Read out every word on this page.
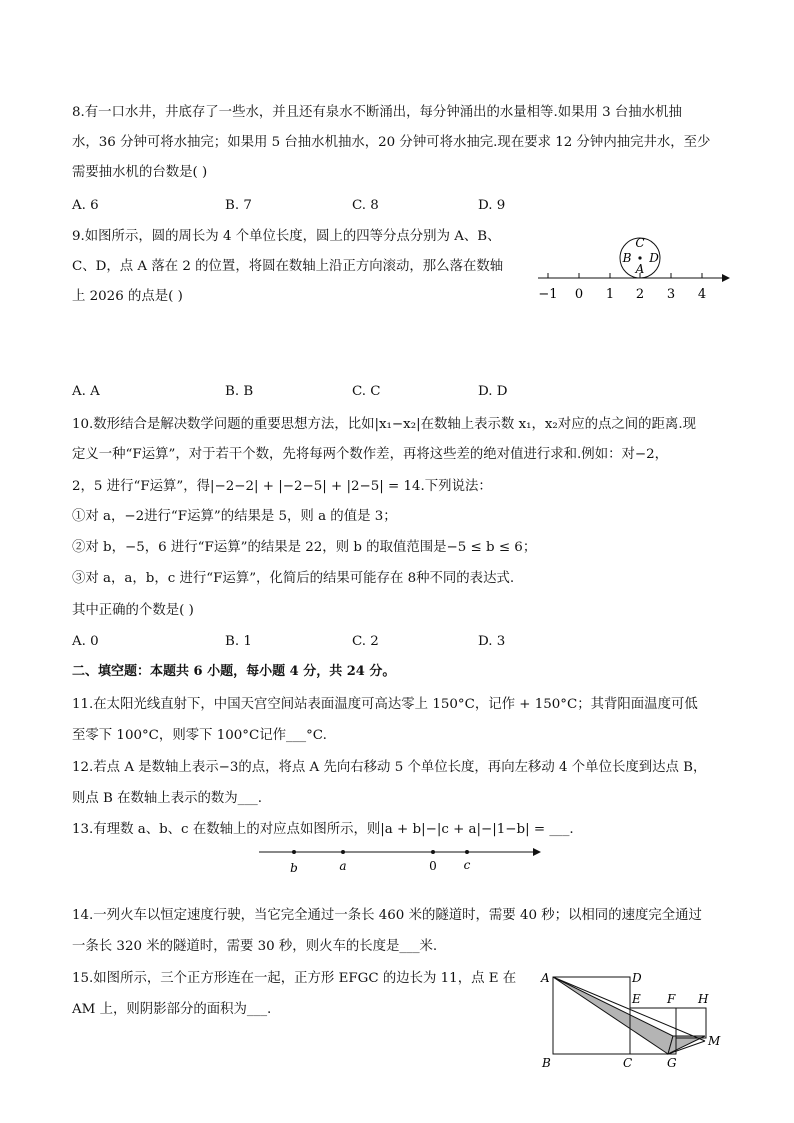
8.有一口水井，井底存了一些水，并且还有泉水不断涌出，每分钟涌出的水量相等.如果用 3 台抽水机抽
水，36 分钟可将水抽完；如果用 5 台抽水机抽水，20 分钟可将水抽完.现在要求 12 分钟内抽完井水，至少
需要抽水机的台数是( )
A. 6	B. 7	C. 8	D. 9
9.如图所示，圆的周长为 4 个单位长度，圆上的四等分点分别为 A、B、
C、D，点 A 落在 2 的位置，将圆在数轴上沿正方向滚动，那么落在数轴
上 2026 的点是( )	−1 0 1 2 3 4
C
B D
A
A. A	B. B	C. C	D. D
10.数形结合是解决数学问题的重要思想方法，比如|x₁−x₂|在数轴上表示数 x₁，x₂对应的点之间的距离.现
定义一种“F运算”，对于若干个数，先将每两个数作差，再将这些差的绝对值进行求和.例如：对−2，
2，5 进行“F运算”，得|−2−2| + |−2−5| + |2−5| = 14.下列说法：
①对 a，−2进行“F运算”的结果是 5，则 a 的值是 3；
②对 b，−5，6 进行“F运算”的结果是 22，则 b 的取值范围是−5 ≤ b ≤ 6；
③对 a，a，b，c 进行“F运算”，化简后的结果可能存在 8种不同的表达式.
其中正确的个数是( )
A. 0	B. 1	C. 2	D. 3
二、填空题：本题共 6 小题，每小题 4 分，共 24 分。
11.在太阳光线直射下，中国天宫空间站表面温度可高达零上 150°C，记作 + 150°C；其背阳面温度可低
至零下 100°C，则零下 100°C记作___°C.
12.若点 A 是数轴上表示−3的点，将点 A 先向右移动 5 个单位长度，再向左移动 4 个单位长度到达点 B，
则点 B 在数轴上表示的数为___.
13.有理数 a、b、c 在数轴上的对应点如图所示，则|a + b|−|c + a|−|1−b| = ___.
b	a	0 c
14.一列火车以恒定速度行驶，当它完全通过一条长 460 米的隧道时，需要 40 秒；以相同的速度完全通过
一条长 320 米的隧道时，需要 30 秒，则火车的长度是___米.
15.如图所示，三个正方形连在一起，正方形 EFGC 的边长为 11，点 E 在
AM 上，则阴影部分的面积为___.
A	D
E F H
M
B	C	G
